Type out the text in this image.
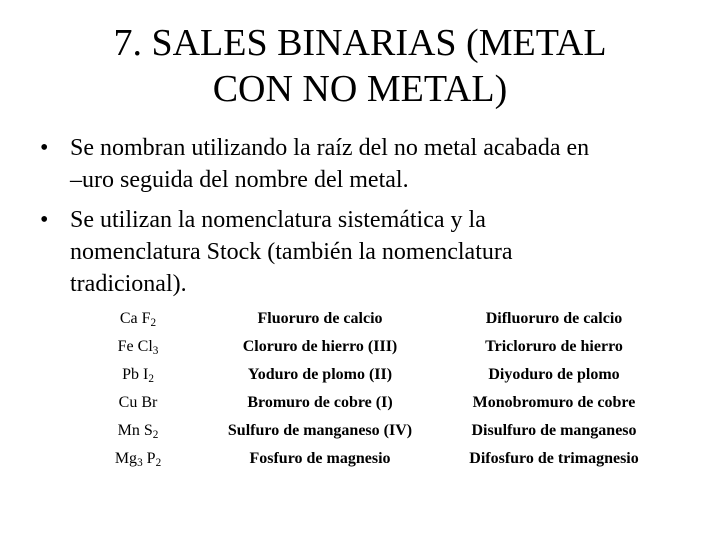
7. SALES BINARIAS (METAL
CON NO METAL)
• Se nombran utilizando la raíz del no metal acabada en
–uro seguida del nombre del metal.
• Se utilizan la nomenclatura sistemática y la
nomenclatura Stock (también la nomenclatura
tradicional).
Ca $F_2$	Fluoruro de calcio	Difluoruro de calcio
Fe $Cl_3$	Cloruro de hierro (III)	Tricloruro de hierro
Pb $I_2$	Yoduro de plomo (II)	Diyoduro de plomo
Cu Br	Bromuro de cobre (I)	Monobromuro de cobre
Mn $S_2$	Sulfuro de manganeso (IV)	Disulfuro de manganeso
$Mg_3$ $P_2$	Fosfuro de magnesio	Difosfuro de trimagnesio
